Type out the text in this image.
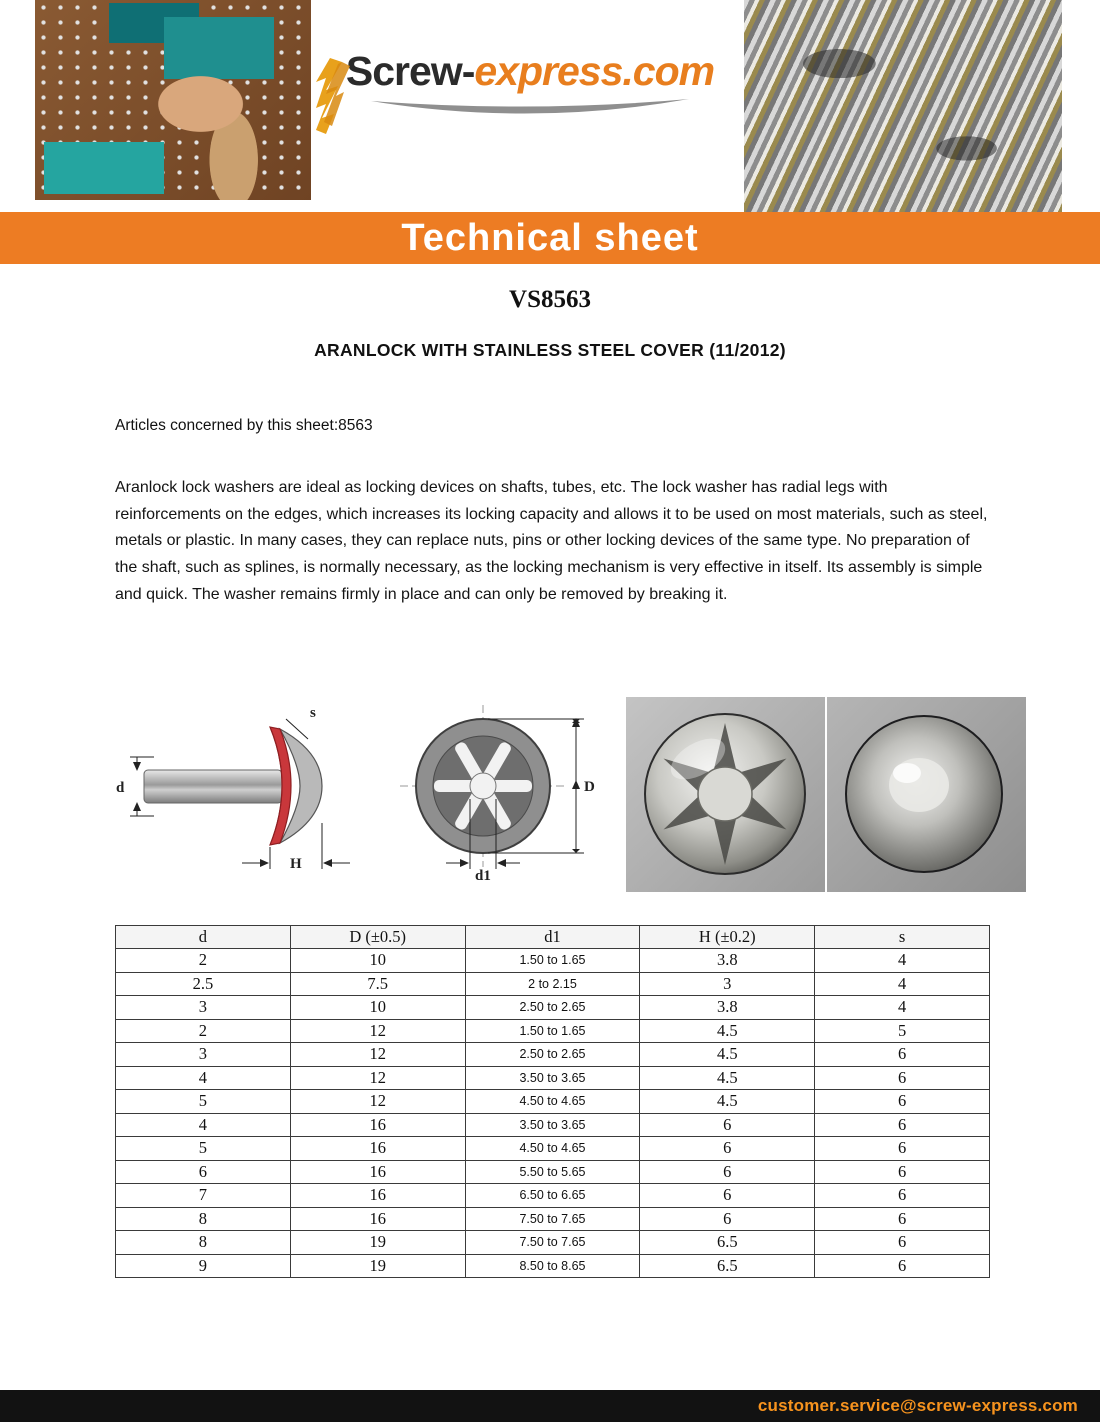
Screw-express.com
Technical sheet
VS8563
ARANLOCK WITH STAINLESS STEEL COVER (11/2012)
Articles concerned by this sheet:8563

Aranlock lock washers are ideal as locking devices on shafts, tubes, etc. The lock washer has radial legs with reinforcements on the edges, which increases its locking capacity and allows it to be used on most materials, such as steel, metals or plastic. In many cases, they can replace nuts, pins or other locking devices of the same type. No preparation of the shaft, such as splines, is normally necessary, as the locking mechanism is very effective in itself. Its assembly is simple and quick. The washer remains firmly in place and can only be removed by breaking it.

s
d
H
D
d1
d	D (±0.5)	d1	H (±0.2)	s
2	10	1.50 to 1.65	3.8	4
2.5	7.5	2 to 2.15	3	4
3	10	2.50 to 2.65	3.8	4
2	12	1.50 to 1.65	4.5	5
3	12	2.50 to 2.65	4.5	6
4	12	3.50 to 3.65	4.5	6
5	12	4.50 to 4.65	4.5	6
4	16	3.50 to 3.65	6	6
5	16	4.50 to 4.65	6	6
6	16	5.50 to 5.65	6	6
7	16	6.50 to 6.65	6	6
8	16	7.50 to 7.65	6	6
8	19	7.50 to 7.65	6.5	6
9	19	8.50 to 8.65	6.5	6
customer.service@screw-express.com
